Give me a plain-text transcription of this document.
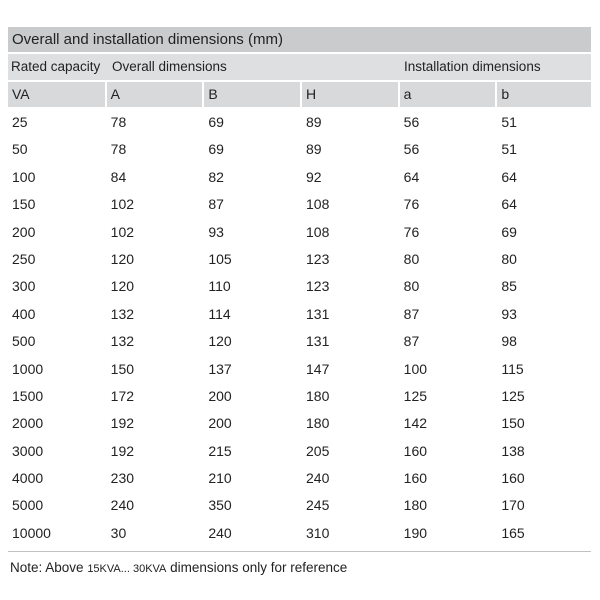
Overall and installation dimensions (mm)
Rated capacity Overall dimensions	Installation dimensions
VA	A	B	H	a	b
25	78	69	89	56	51
50	78	69	89	56	51
100	84	82	92	64	64
150	102	87	108	76	64
200	102	93	108	76	69
250	120	105	123	80	80
300	120	110	123	80	85
400	132	114	131	87	93
500	132	120	131	87	98
1000	150	137	147	100	115
1500	172	200	180	125	125
2000	192	200	180	142	150
3000	192	215	205	160	138
4000	230	210	240	160	160
5000	240	350	245	180	170
10000	30	240	310	190	165
Note: Above 15KVA... 30KVA dimensions only for reference
